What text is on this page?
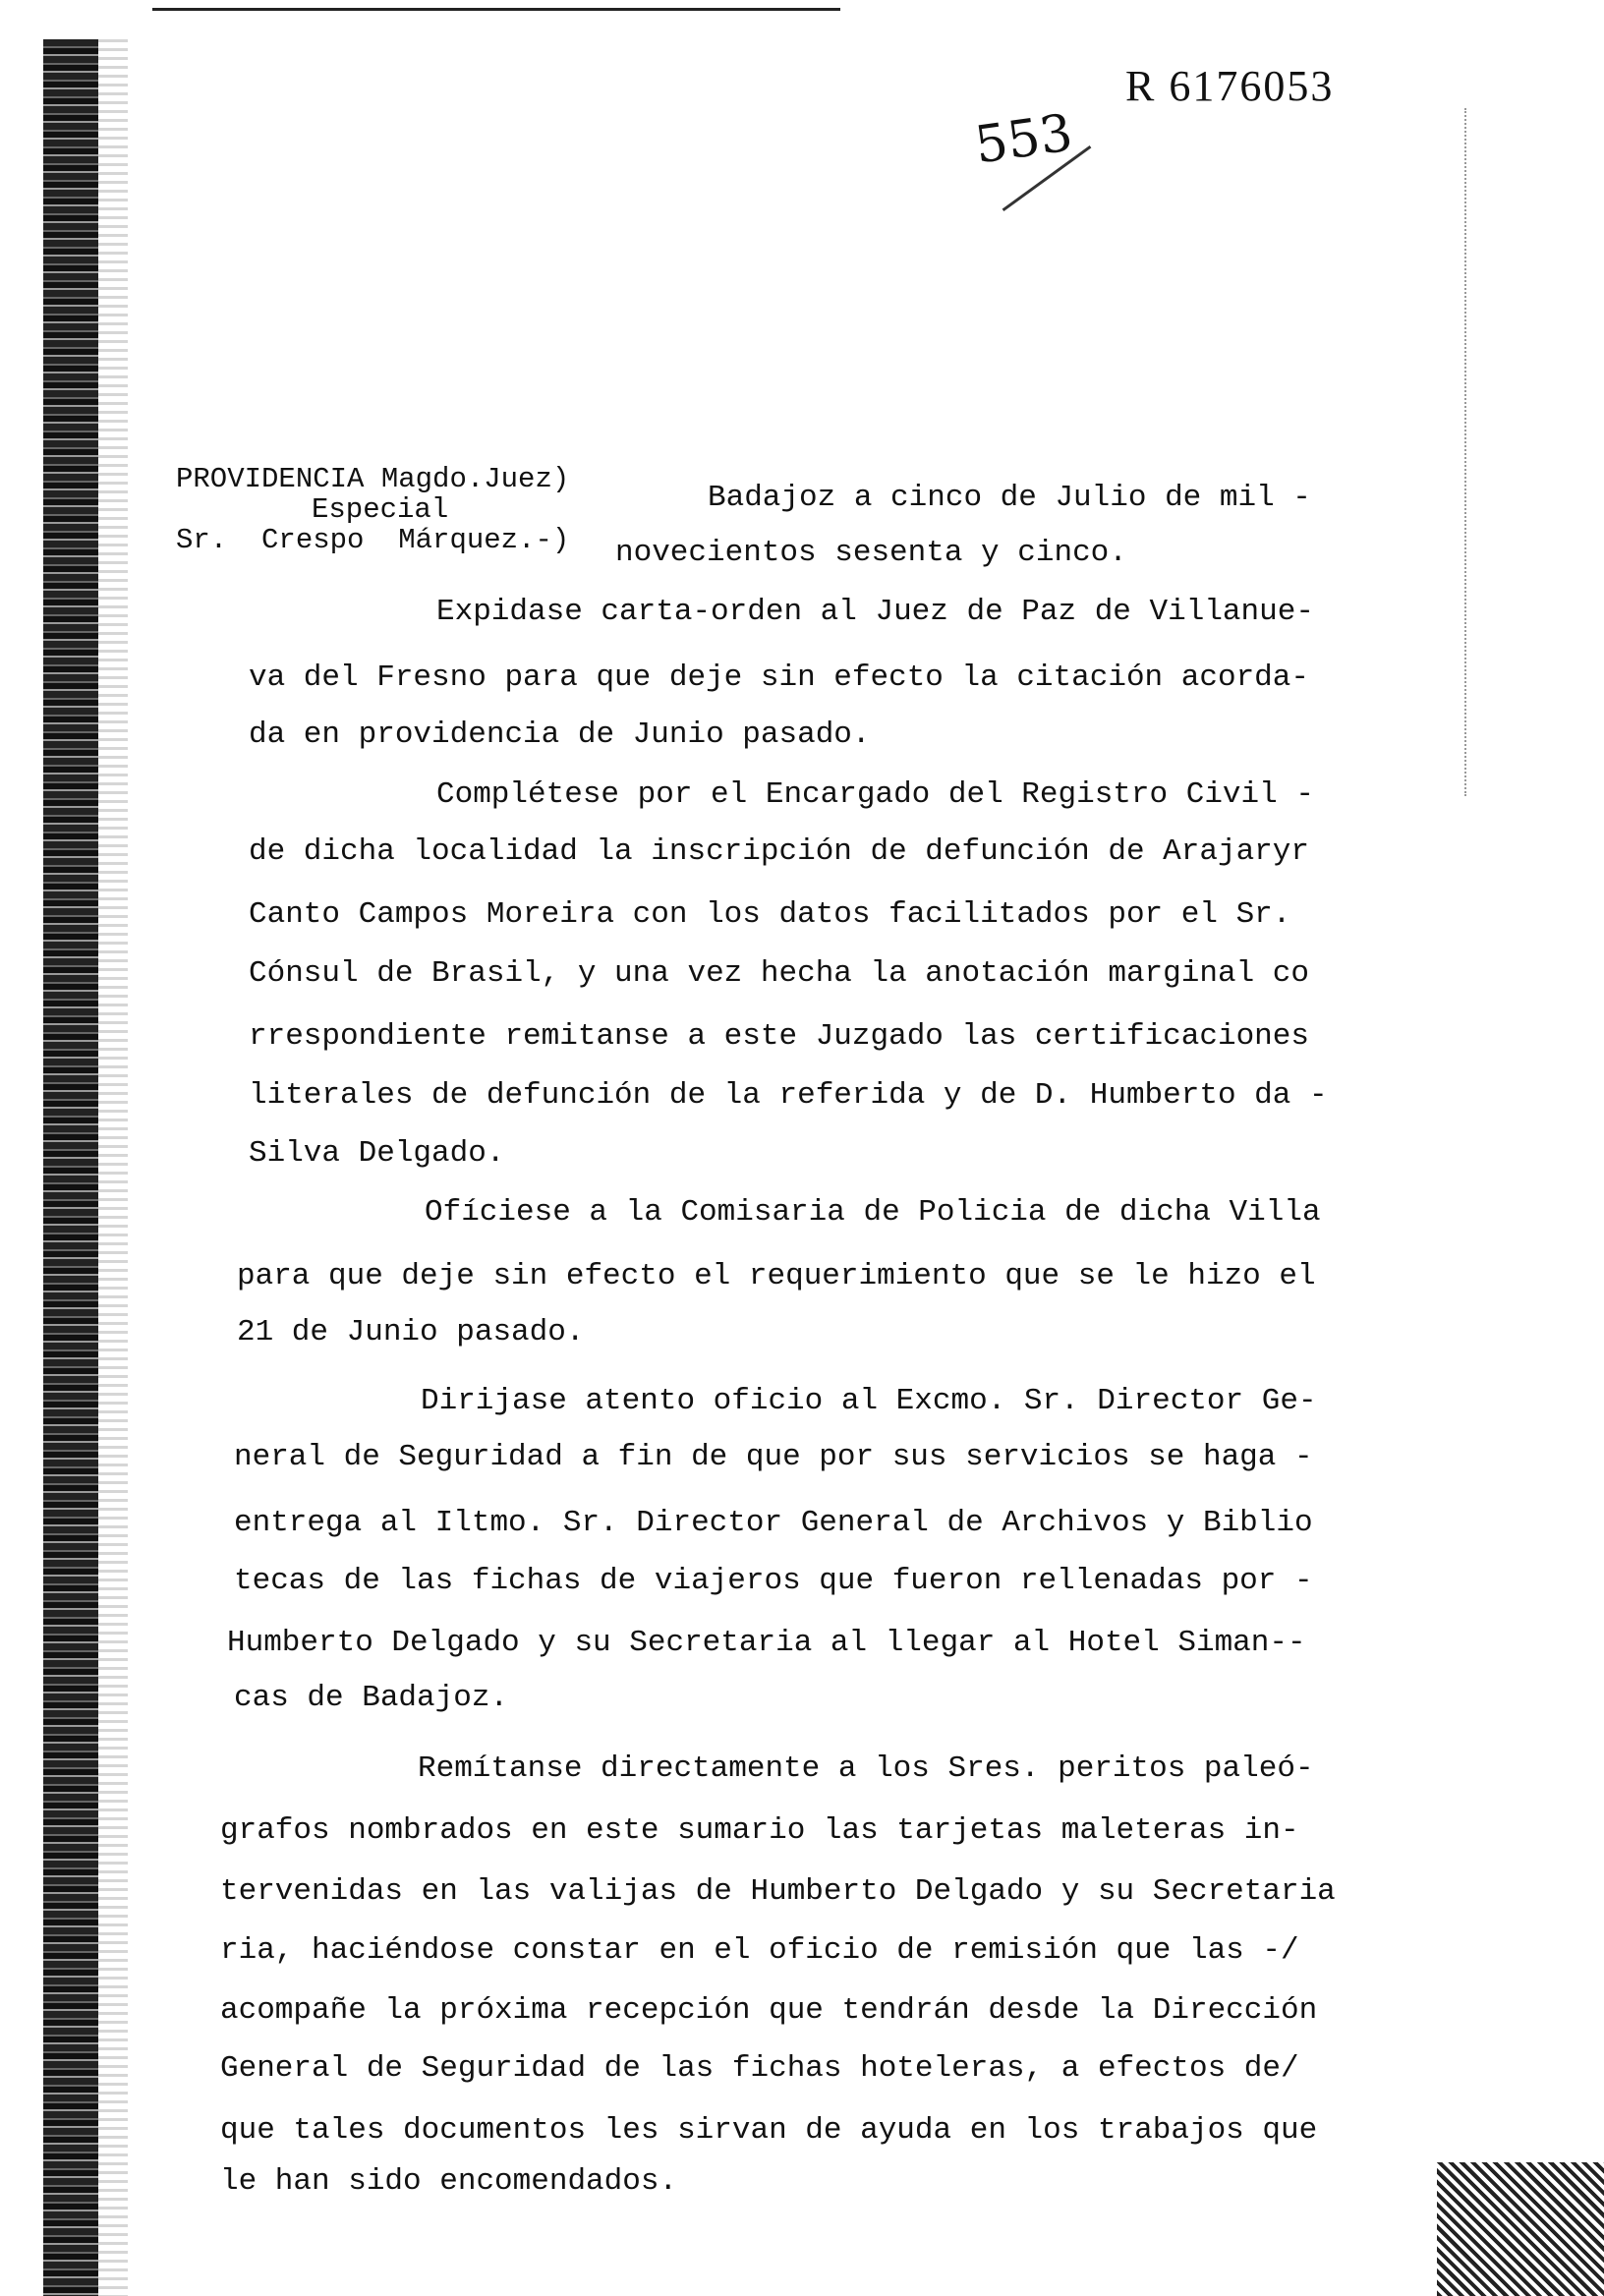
R 6176053
553
PROVIDENCIA Magdo.Juez)
Especial
Sr.  Crespo  Márquez.-)
Badajoz a cinco de Julio de mil -
novecientos sesenta y cinco.
Expidase carta-orden al Juez de Paz de Villanue-
va del Fresno para que deje sin efecto la citación acorda-
da en providencia de Junio pasado.
Complétese por el Encargado del Registro Civil -
de dicha localidad la inscripción de defunción de Arajaryr
Canto Campos Moreira con los datos facilitados por el Sr.
Cónsul de Brasil, y una vez hecha la anotación marginal co
rrespondiente remitanse a este Juzgado las certificaciones
literales de defunción de la referida y de D. Humberto da -
Silva Delgado.
Ofíciese a la Comisaria de Policia de dicha Villa
para que deje sin efecto el requerimiento que se le hizo el
21 de Junio pasado.
Dirijase atento oficio al Excmo. Sr. Director Ge-
neral de Seguridad a fin de que por sus servicios se haga -
entrega al Iltmo. Sr. Director General de Archivos y Biblio
tecas de las fichas de viajeros que fueron rellenadas por -
Humberto Delgado y su Secretaria al llegar al Hotel Siman--
cas de Badajoz.
Remítanse directamente a los Sres. peritos paleó-
grafos nombrados en este sumario las tarjetas maleteras in-
tervenidas en las valijas de Humberto Delgado y su Secretaria
ria, haciéndose constar en el oficio de remisión que las -/
acompañe la próxima recepción que tendrán desde la Dirección
General de Seguridad de las fichas hoteleras, a efectos de/
que tales documentos les sirvan de ayuda en los trabajos que
le han sido encomendados.
